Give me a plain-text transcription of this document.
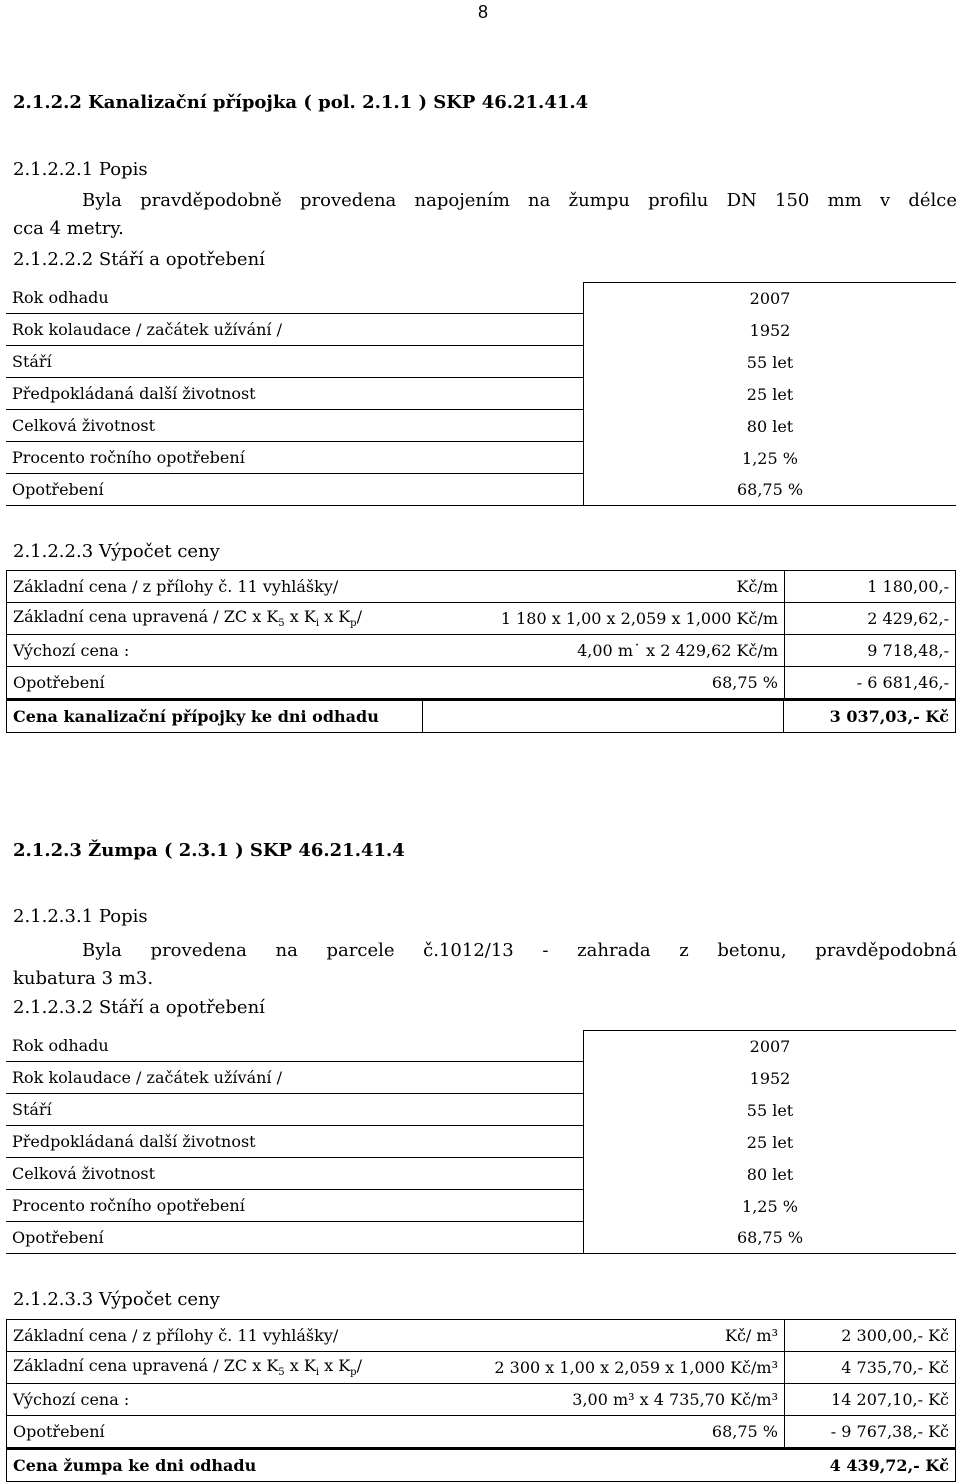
8
2.1.2.2 Kanalizační přípojka ( pol. 2.1.1 ) SKP 46.21.41.4
2.1.2.2.1 Popis
Byla pravděpodobně provedena napojením na žumpu profilu DN 150 mm v délce
cca 4 metry.
2.1.2.2.2 Stáří a opotřebení
Rok odhadu	2007
Rok kolaudace / začátek užívání /	1952
Stáří	55 let
Předpokládaná další životnost	25 let
Celková životnost	80 let
Procento ročního opotřebení	1,25 %
Opotřebení	68,75 %
2.1.2.2.3 Výpočet ceny
Základní cena / z přílohy č. 11 vyhlášky/	Kč/m	1 180,00,-
Základní cena upravená / ZC x $K_5$ x $K_i$ x $K_p/$	1 180 x 1,00 x 2,059 x 1,000 Kč/m	2 429,62,-
Výchozí cena :	4,00 m˙ x 2 429,62 Kč/m	9 718,48,-
Opotřebení	68,75 %	- 6 681,46,-
Cena kanalizační přípojky ke dni odhadu		3 037,03,- Kč
2.1.2.3 Žumpa ( 2.3.1 ) SKP 46.21.41.4
2.1.2.3.1 Popis
Byla provedena na parcele č.1012/13 - zahrada z betonu, pravděpodobná
kubatura 3 m3.
2.1.2.3.2 Stáří a opotřebení
Rok odhadu	2007
Rok kolaudace / začátek užívání /	1952
Stáří	55 let
Předpokládaná další životnost	25 let
Celková životnost	80 let
Procento ročního opotřebení	1,25 %
Opotřebení	68,75 %
2.1.2.3.3 Výpočet ceny
Základní cena / z přílohy č. 11 vyhlášky/	Kč/ m³	2 300,00,- Kč
Základní cena upravená / ZC x $K_5$ x $K_i$ x $K_p/$	2 300 x 1,00 x 2,059 x 1,000 Kč/m³	4 735,70,- Kč
Výchozí cena :	3,00 m³ x 4 735,70 Kč/m³	14 207,10,- Kč
Opotřebení	68,75 %	- 9 767,38,- Kč
Cena žumpa ke dni odhadu		4 439,72,- Kč
